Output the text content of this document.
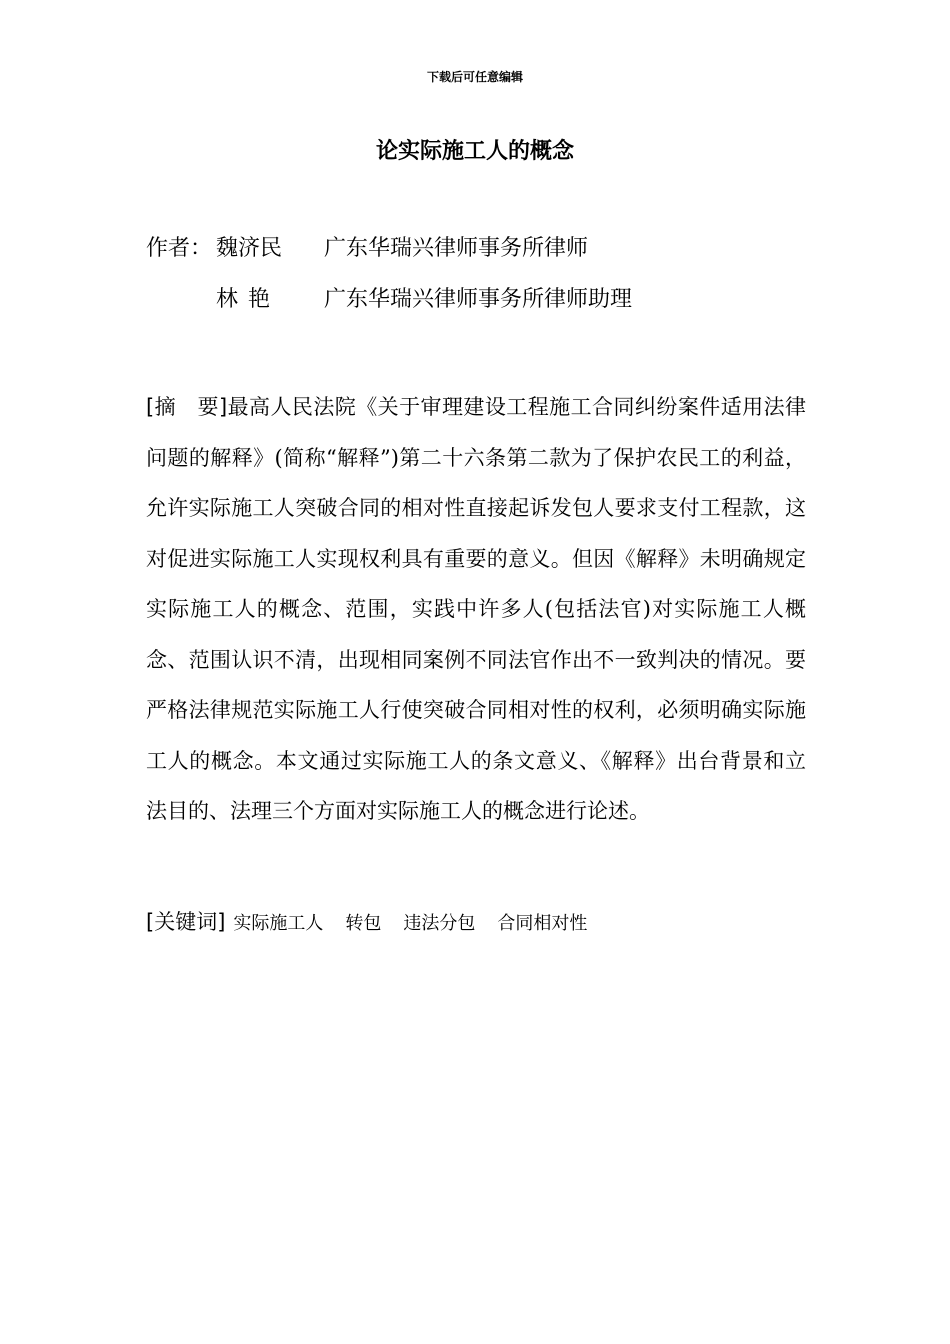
下载后可任意编辑
论实际施工人的概念
作者： 魏济民 广东华瑞兴律师事务所律师
林艳 广东华瑞兴律师事务所律师助理
[摘　要]最高人民法院《关于审理建设工程施工合同纠纷案件适用法律问题的解释》(简称“解释”)第二十六条第二款为了保护农民工的利益，允许实际施工人突破合同的相对性直接起诉发包人要求支付工程款，这对促进实际施工人实现权利具有重要的意义。但因《解释》未明确规定实际施工人的概念、范围，实践中许多人(包括法官)对实际施工人概念、范围认识不清，出现相同案例不同法官作出不一致判决的情况。要严格法律规范实际施工人行使突破合同相对性的权利，必须明确实际施工人的概念。本文通过实际施工人的条文意义、《解释》出台背景和立法目的、法理三个方面对实际施工人的概念进行论述。
[关键词] 实际施工人 转包 违法分包 合同相对性
